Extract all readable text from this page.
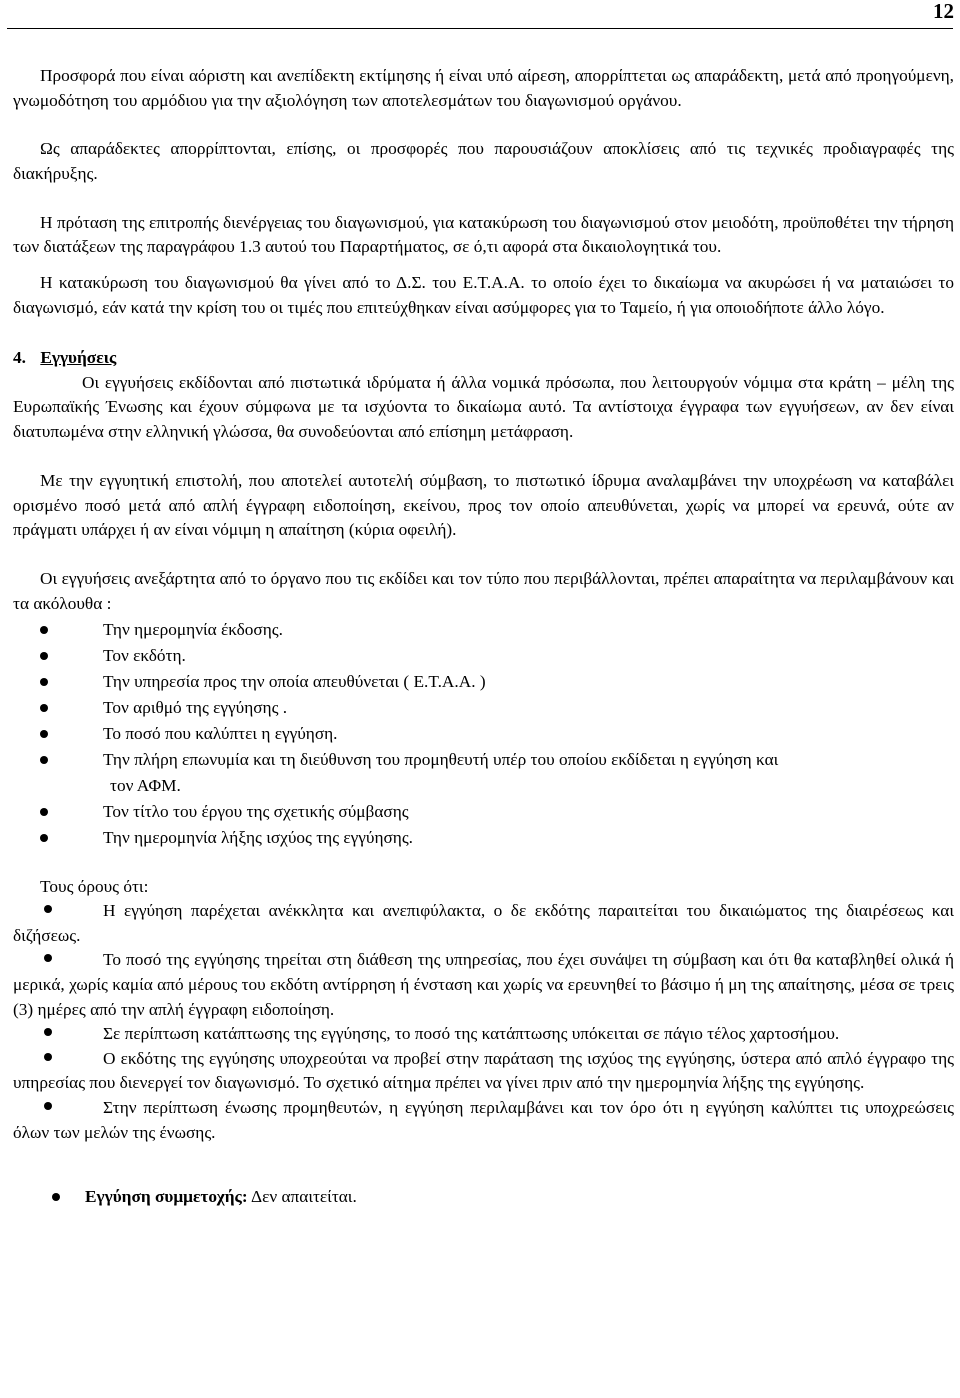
12

Προσφορά που είναι αόριστη και ανεπίδεκτη εκτίμησης ή είναι υπό αίρεση, απορρίπτεται ως απαράδεκτη, μετά από προηγούμενη, γνωμοδότηση του αρμόδιου για την αξιολόγηση των αποτελεσμάτων του διαγωνισμού οργάνου.

Ως απαράδεκτες απορρίπτονται, επίσης, οι προσφορές που παρουσιάζουν αποκλίσεις από τις τεχνικές προδιαγραφές της διακήρυξης.

Η πρόταση της επιτροπής διενέργειας του διαγωνισμού, για κατακύρωση του διαγωνισμού στον μειοδότη, προϋποθέτει την τήρηση των διατάξεων της παραγράφου 1.3 αυτού του Παραρτήματος, σε ό,τι αφορά στα δικαιολογητικά του.

Η κατακύρωση του διαγωνισμού θα γίνει από το Δ.Σ. του Ε.Τ.Α.Α. το οποίο έχει το δικαίωμα να ακυρώσει ή να ματαιώσει το διαγωνισμό, εάν κατά την κρίση του οι τιμές που επιτεύχθηκαν είναι ασύμφορες για το Ταμείο, ή για οποιοδήποτε άλλο λόγο.

4. Εγγυήσεις

Οι εγγυήσεις εκδίδονται από πιστωτικά ιδρύματα ή άλλα νομικά πρόσωπα, που λειτουργούν νόμιμα στα κράτη – μέλη της Ευρωπαϊκής Ένωσης και έχουν σύμφωνα με τα ισχύοντα το δικαίωμα αυτό. Τα αντίστοιχα έγγραφα των εγγυήσεων, αν δεν είναι διατυπωμένα στην ελληνική γλώσσα, θα συνοδεύονται από επίσημη μετάφραση.

Με την εγγυητική επιστολή, που αποτελεί αυτοτελή σύμβαση, το πιστωτικό ίδρυμα αναλαμβάνει την υποχρέωση να καταβάλει ορισμένο ποσό μετά από απλή έγγραφη ειδοποίηση, εκείνου, προς τον οποίο απευθύνεται, χωρίς να μπορεί να ερευνά, ούτε αν πράγματι υπάρχει ή αν είναι νόμιμη η απαίτηση (κύρια οφειλή).

Οι εγγυήσεις ανεξάρτητα από το όργανο που τις εκδίδει και τον τύπο που περιβάλλονται, πρέπει απαραίτητα να περιλαμβάνουν και τα ακόλουθα :

Την ημερομηνία έκδοσης.
Τον εκδότη.
Την υπηρεσία προς την οποία απευθύνεται ( Ε.Τ.Α.Α. )
Τον αριθμό της εγγύησης .
Το ποσό που καλύπτει η εγγύηση.
Την πλήρη επωνυμία και τη διεύθυνση του προμηθευτή υπέρ του οποίου εκδίδεται η εγγύηση και
τον ΑΦΜ.
Τον τίτλο του έργου της σχετικής σύμβασης
Την ημερομηνία λήξης ισχύος της εγγύησης.

Τους όρους ότι:

Η εγγύηση παρέχεται ανέκκλητα και ανεπιφύλακτα, ο δε εκδότης παραιτείται του δικαιώματος της διαιρέσεως και διζήσεως.

Το ποσό της εγγύησης τηρείται στη διάθεση της υπηρεσίας, που έχει συνάψει τη σύμβαση και ότι θα καταβληθεί ολικά ή μερικά, χωρίς καμία από μέρους του εκδότη αντίρρηση ή ένσταση και χωρίς να ερευνηθεί το βάσιμο ή μη της απαίτησης, μέσα σε τρεις (3) ημέρες από την απλή έγγραφη ειδοποίηση.

Σε περίπτωση κατάπτωσης της εγγύησης, το ποσό της κατάπτωσης υπόκειται σε πάγιο τέλος χαρτοσήμου.

Ο εκδότης της εγγύησης υποχρεούται να προβεί στην παράταση της ισχύος της εγγύησης, ύστερα από απλό έγγραφο της υπηρεσίας που διενεργεί τον διαγωνισμό. Το σχετικό αίτημα πρέπει να γίνει πριν από την ημερομηνία λήξης της εγγύησης.

Στην περίπτωση ένωσης προμηθευτών, η εγγύηση περιλαμβάνει και τον όρο ότι η εγγύηση καλύπτει τις υποχρεώσεις όλων των μελών της ένωσης.

Εγγύηση συμμετοχής: Δεν απαιτείται.
